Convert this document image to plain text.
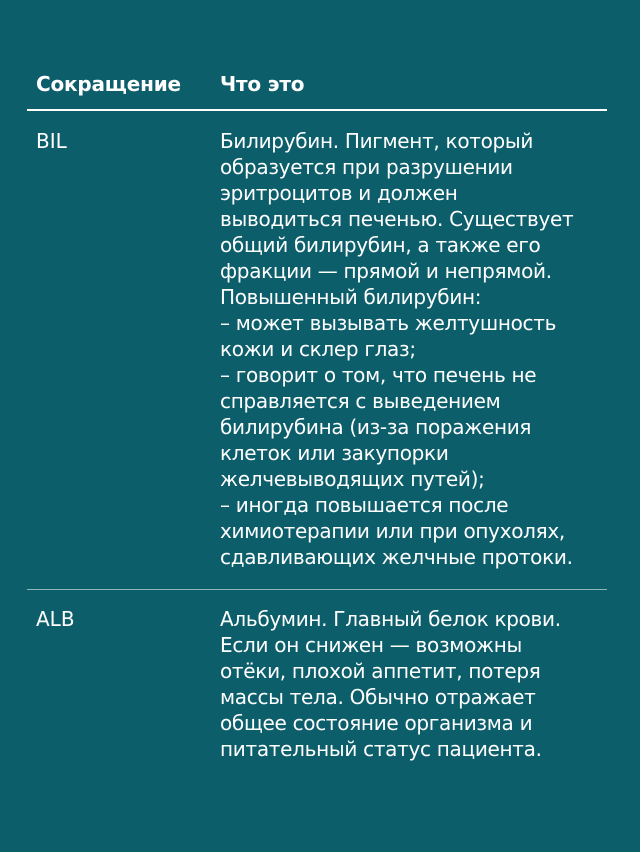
Сокращение Что это
BIL	Билирубин. Пигмент, который
образуется при разрушении
эритроцитов и должен
выводиться печенью. Существует
общий билирубин, а также его
фракции — прямой и непрямой.
Повышенный билирубин:
– может вызывать желтушность
кожи и склер глаз;
– говорит о том, что печень не
справляется с выведением
билирубина (из-за поражения
клеток или закупорки
желчевыводящих путей);
– иногда повышается после
химиотерапии или при опухолях,
сдавливающих желчные протоки.
ALB	Альбумин. Главный белок крови.
Если он снижен — возможны
отёки, плохой аппетит, потеря
массы тела. Обычно отражает
общее состояние организма и
питательный статус пациента.
